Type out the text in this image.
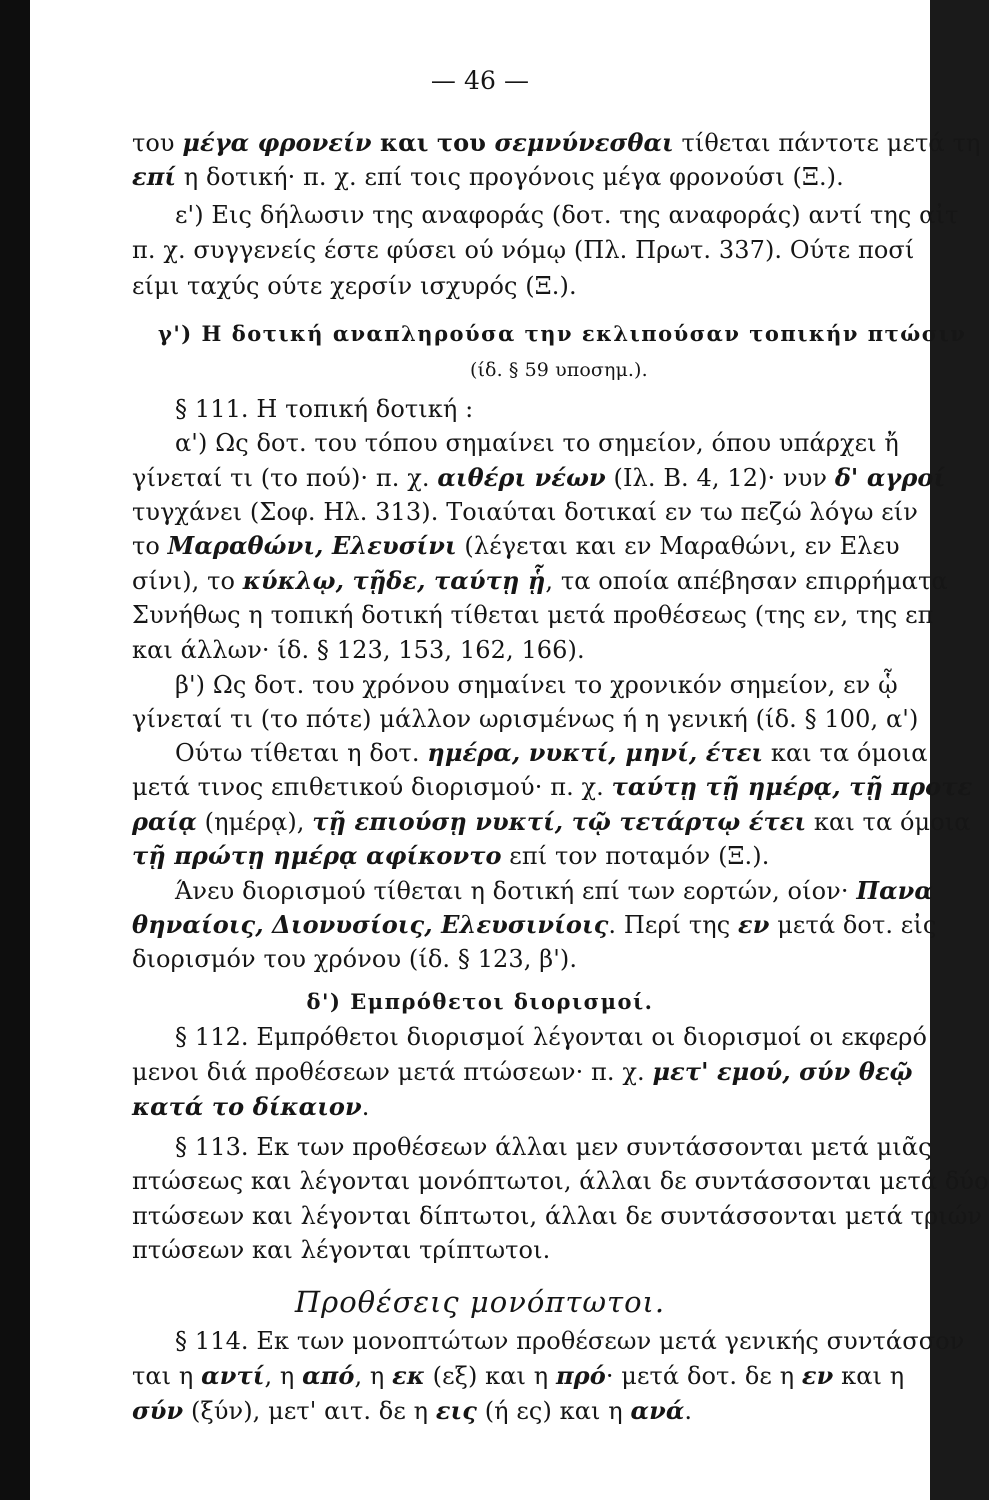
— 46 —
του μέγα φρονείν και του σεμνύνεσθαι τίθεται πάντοτε μετά τη
επί η δοτική· π. χ. επί τοις προγόνοις μέγα φρονούσι (Ξ.).
ε') Εις δήλωσιν της αναφοράς (δοτ. της αναφοράς) αντί της αἰτ
π. χ. συγγενείς έστε φύσει ού νόμῳ (Πλ. Πρωτ. 337). Ούτε ποσί
είμι ταχύς ούτε χερσίν ισχυρός (Ξ.).
γ') Η δοτική αναπληρούσα την εκλιπούσαν τοπικήν πτώσιν
(ίδ. § 59 υποσημ.).
§ 111. Η τοπική δοτική :
α') Ως δοτ. του τόπου σημαίνει το σημείον, όπου υπάρχει ἤ
γίνεταί τι (το πού)· π. χ. αιθέρι νέων (Ιλ. Β. 4, 12)· νυν δ' αγροί
τυγχάνει (Σοφ. Ηλ. 313). Τοιαύται δοτικαί εν τω πεζώ λόγω είν
το Μαραθώνι, Ελευσίνι (λέγεται και εν Μαραθώνι, εν Ελευ
σίνι), το κύκλῳ, τῇδε, ταύτῃ ᾗ, τα οποία απέβησαν επιρρήματα
Συνήθως η τοπική δοτική τίθεται μετά προθέσεως (της εν, της επ
και άλλων· ίδ. § 123, 153, 162, 166).
β') Ως δοτ. του χρόνου σημαίνει το χρονικόν σημείον, εν ᾧ
γίνεταί τι (το πότε) μάλλον ωρισμένως ή η γενική (ίδ. § 100, α')
Ούτω τίθεται η δοτ. ημέρα, νυκτί, μηνί, έτει και τα όμοια
μετά τινος επιθετικού διορισμού· π. χ. ταύτῃ τῇ ημέρᾳ, τῇ προτε
ραίᾳ (ημέρᾳ), τῇ επιούσῃ νυκτί, τῷ τετάρτῳ έτει και τα όμοια
τῇ πρώτῃ ημέρᾳ αφίκοντο επί τον ποταμόν (Ξ.).
Άνευ διορισμού τίθεται η δοτική επί των εορτών, οίον· Πανα
θηναίοις, Διονυσίοις, Ελευσινίοις. Περί της εν μετά δοτ. εἰς
διορισμόν του χρόνου (ίδ. § 123, β').
δ') Εμπρόθετοι διορισμοί.
§ 112. Εμπρόθετοι διορισμοί λέγονται οι διορισμοί οι εκφερό
μενοι διά προθέσεων μετά πτώσεων· π. χ. μετ' εμού, σύν θεῷ
κατά το δίκαιον.
§ 113. Εκ των προθέσεων άλλαι μεν συντάσσονται μετά μιᾶς
πτώσεως και λέγονται μονόπτωτοι, άλλαι δε συντάσσονται μετά δύο
πτώσεων και λέγονται δίπτωτοι, άλλαι δε συντάσσονται μετά τριών
πτώσεων και λέγονται τρίπτωτοι.
Προθέσεις μονόπτωτοι.
§ 114. Εκ των μονοπτώτων προθέσεων μετά γενικής συντάσσον
ται η αντί, η από, η εκ (εξ) και η πρό· μετά δοτ. δε η εν και η
σύν (ξύν), μετ' αιτ. δε η εις (ή ες) και η ανά.
